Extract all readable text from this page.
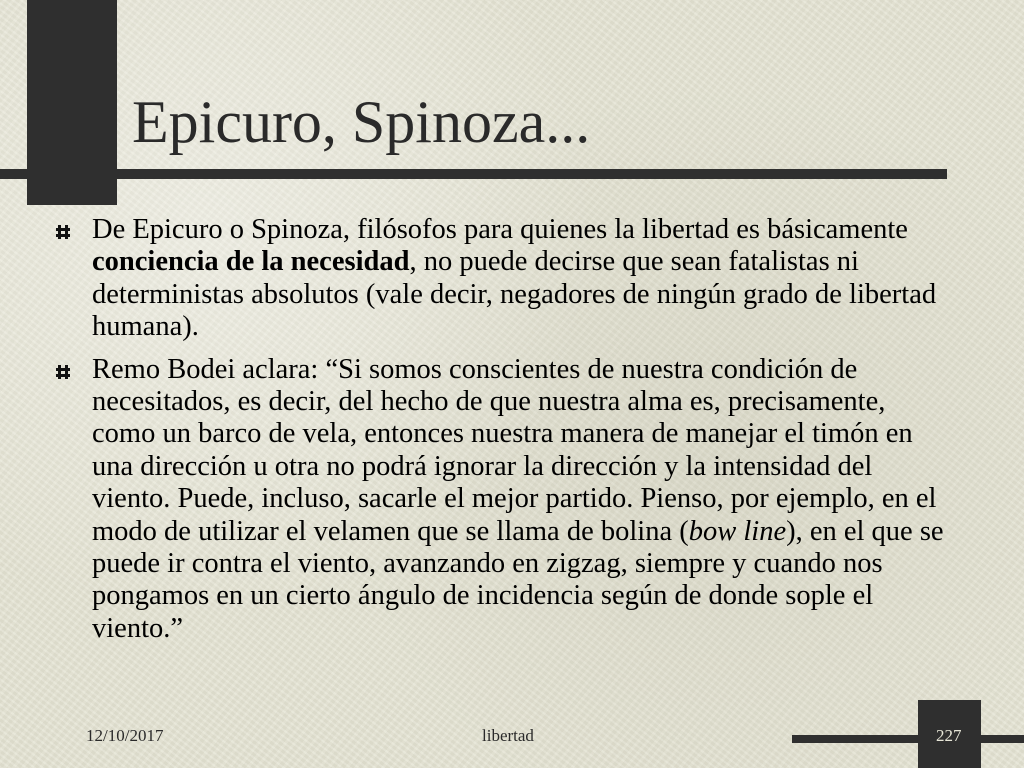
Epicuro, Spinoza...
De Epicuro o Spinoza, filósofos para quienes la libertad es básicamente conciencia de la necesidad, no puede decirse que sean fatalistas ni deterministas absolutos (vale decir, negadores de ningún grado de libertad humana).
Remo Bodei aclara: “Si somos conscientes de nuestra condición de necesitados, es decir, del hecho de que nuestra alma es, precisamente, como un barco de vela, entonces nuestra manera de manejar el timón en una dirección u otra no podrá ignorar la dirección y la intensidad del viento. Puede, incluso, sacarle el mejor partido. Pienso, por ejemplo, en el modo de utilizar el velamen que se llama de bolina (bow line), en el que se puede ir contra el viento, avanzando en zigzag, siempre y cuando nos pongamos en un cierto ángulo de incidencia según de donde sople el viento.”
12/10/2017	libertad	227
